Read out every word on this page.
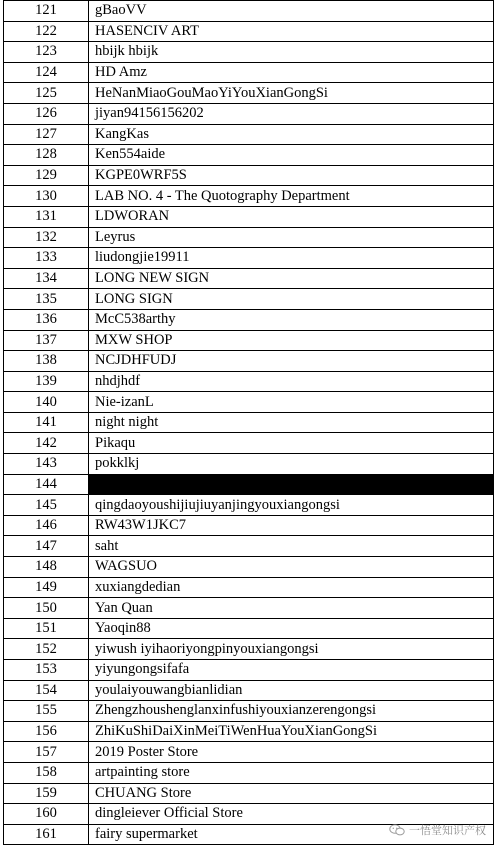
121	gBaoVV
122	HASENCIV ART
123	hbijk hbijk
124	HD Amz
125	HeNanMiaoGouMaoYiYouXianGongSi
126	jiyan94156156202
127	KangKas
128	Ken554aide
129	KGPE0WRF5S
130	LAB NO. 4 - The Quotography Department
131	LDWORAN
132	Leyrus
133	liudongjie19911
134	LONG NEW SIGN
135	LONG SIGN
136	McC538arthy
137	MXW SHOP
138	NCJDHFUDJ
139	nhdjhdf
140	Nie-izanL
141	night night
142	Pikaqu
143	pokklkj
144	
145	qingdaoyoushijiujiuyanjingyouxiangongsi
146	RW43W1JKC7
147	saht
148	WAGSUO
149	xuxiangdedian
150	Yan Quan
151	Yaoqin88
152	yiwush iyihaoriyongpinyouxiangongsi
153	yiyungongsifafa
154	youlaiyouwangbianlidian
155	Zhengzhoushenglanxinfushiyouxianzerengongsi
156	ZhiKuShiDaiXinMeiTiWenHuaYouXianGongSi
157	2019 Poster Store
158	artpainting store
159	CHUANG Store
160	dingleiever Official Store
161	fairy supermarket	一悟堂知识产权
